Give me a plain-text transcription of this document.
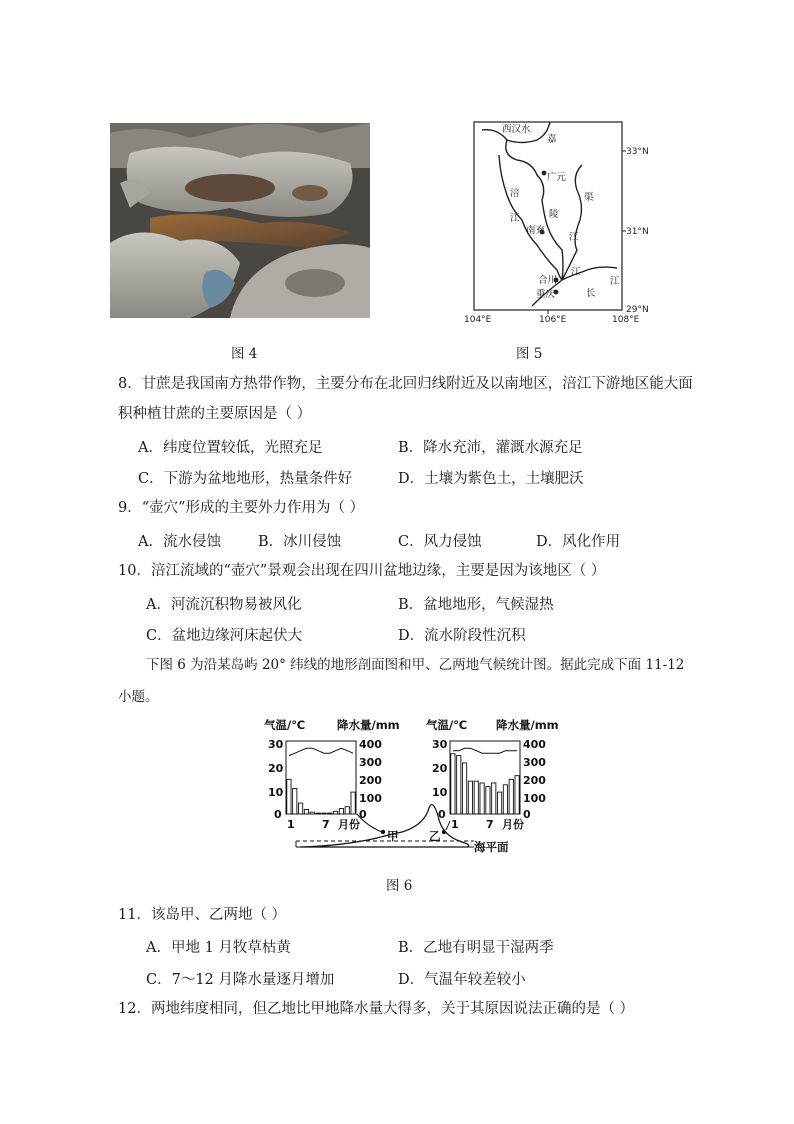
图 4
西汉水
嘉
广元
涪
江	陵
南充
渠
江
合川
江
重庆	长
江
33°N
31°N
29°N
104°E	106°E	108°E
图 5
8．甘蔗是我国南方热带作物，主要分布在北回归线附近及以南地区，涪江下游地区能大面
积种植甘蔗的主要原因是（ ）
A．纬度位置较低，光照充足	B．降水充沛，灌溉水源充足
C．下游为盆地地形，热量条件好	D．土壤为紫色土，土壤肥沃
9．“壶穴”形成的主要外力作用为（ ）
A．流水侵蚀	B．冰川侵蚀	C．风力侵蚀	D．风化作用
10．涪江流域的“壶穴”景观会出现在四川盆地边缘，主要是因为该地区（ ）
A．河流沉积物易被风化	B．盆地地形，气候湿热
C．盆地边缘河床起伏大	D．流水阶段性沉积
下图 6 为沿某岛屿 20° 纬线的地形剖面图和甲、乙两地气候统计图。据此完成下面 11-12
小题。
气温/℃	降水量/mm 气温/℃	降水量/mm
30
20
10
0
400
300
200
100
0
30
20
10
0
400
300
200
100
0
1 7 月份	1 7 月份
甲	乙
海平面
图 6
11．该岛甲、乙两地（ ）
A．甲地 1 月牧草枯黄	B．乙地有明显干湿两季
C．7～12 月降水量逐月增加	D．气温年较差较小
12．两地纬度相同，但乙地比甲地降水量大得多，关于其原因说法正确的是（ ）
